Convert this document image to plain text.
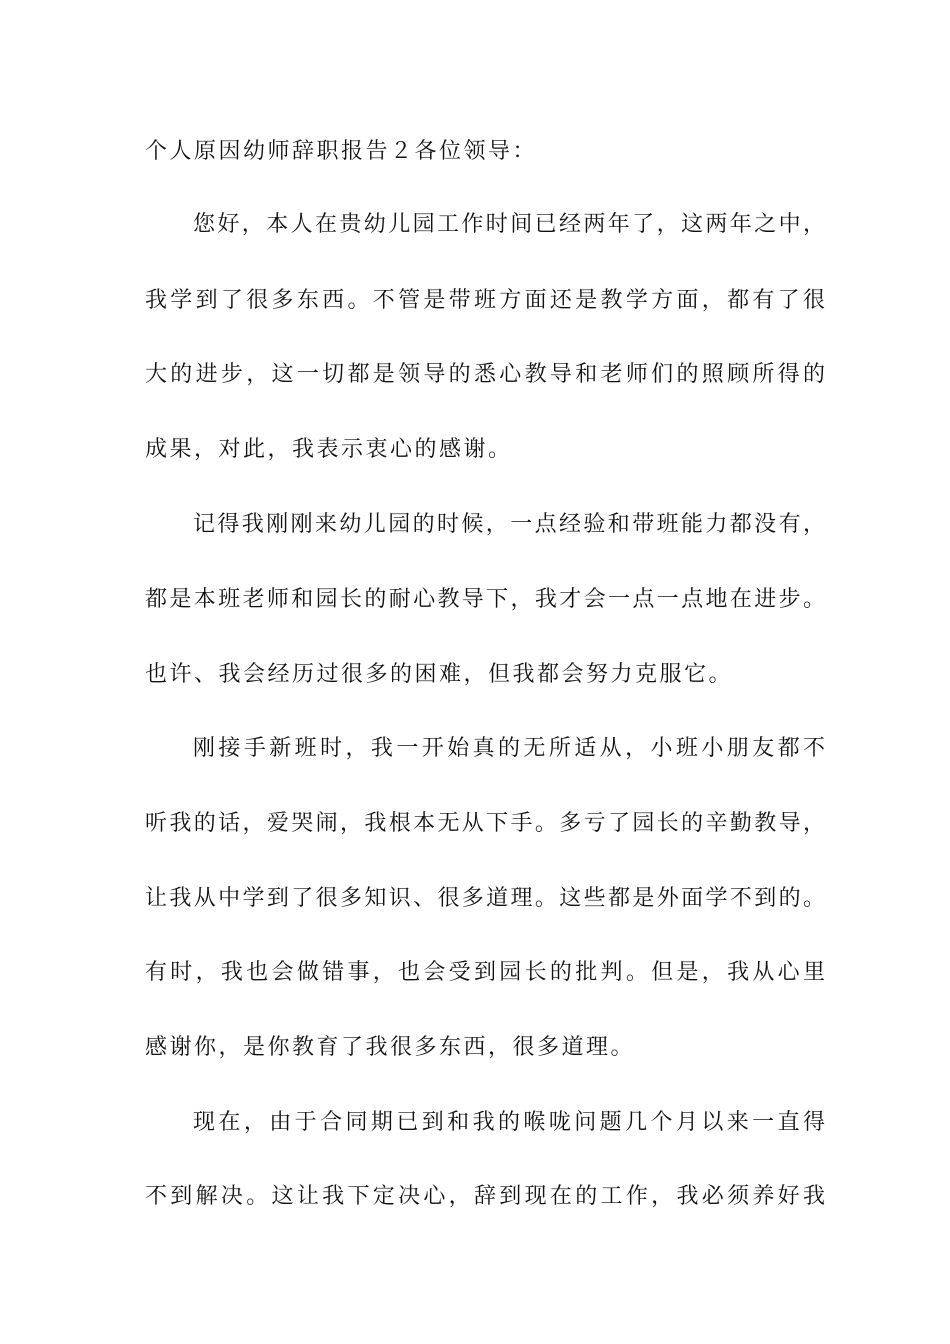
个人原因幼师辞职报告２各位领导：
您好，本人在贵幼儿园工作时间已经两年了，这两年之中，
我学到了很多东西。不管是带班方面还是教学方面，都有了很
大的进步，这一切都是领导的悉心教导和老师们的照顾所得的
成果，对此，我表示衷心的感谢。
记得我刚刚来幼儿园的时候，一点经验和带班能力都没有，
都是本班老师和园长的耐心教导下，我才会一点一点地在进步。
也许、我会经历过很多的困难，但我都会努力克服它。
刚接手新班时，我一开始真的无所适从，小班小朋友都不
听我的话，爱哭闹，我根本无从下手。多亏了园长的辛勤教导，
让我从中学到了很多知识、很多道理。这些都是外面学不到的。
有时，我也会做错事，也会受到园长的批判。但是，我从心里
感谢你，是你教育了我很多东西，很多道理。
现在，由于合同期已到和我的喉咙问题几个月以来一直得
不到解决。这让我下定决心，辞到现在的工作，我必须养好我
